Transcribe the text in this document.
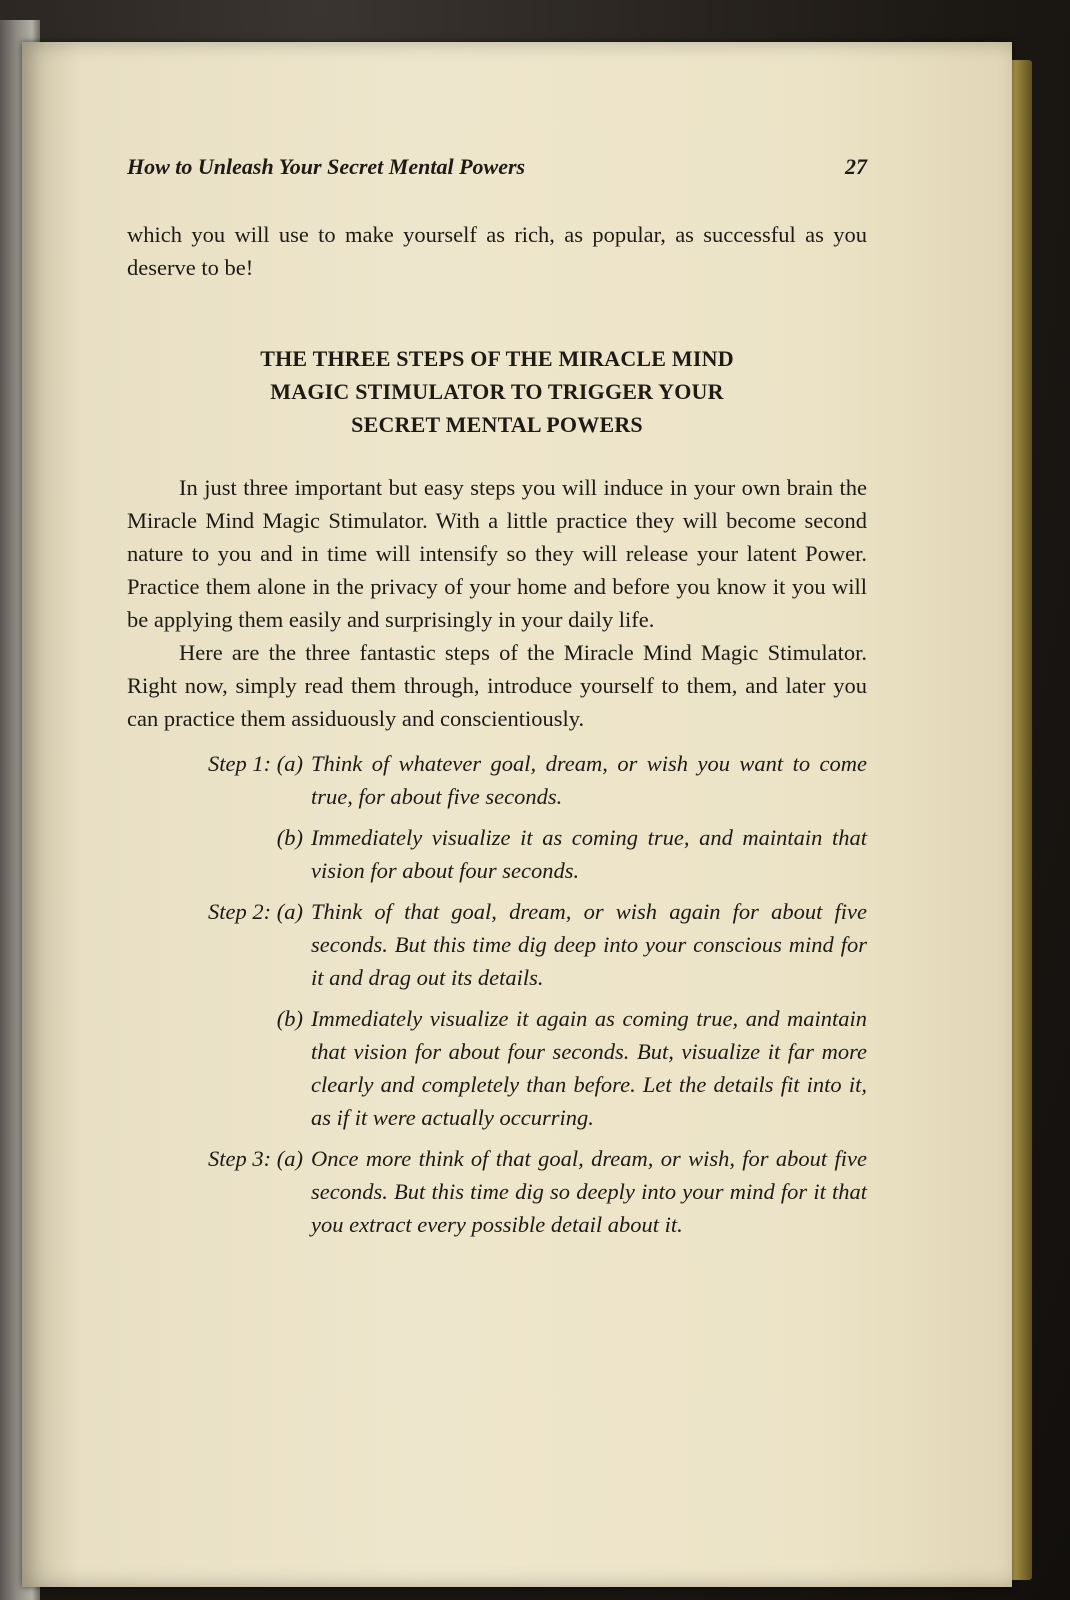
How to Unleash Your Secret Mental Powers	27

which you will use to make yourself as rich, as popular, as successful as you deserve to be!

THE THREE STEPS OF THE MIRACLE MIND
MAGIC STIMULATOR TO TRIGGER YOUR
SECRET MENTAL POWERS

In just three important but easy steps you will induce in your own brain the Miracle Mind Magic Stimulator. With a little practice they will become second nature to you and in time will intensify so they will release your latent Power. Practice them alone in the privacy of your home and before you know it you will be applying them easily and surprisingly in your daily life.

Here are the three fantastic steps of the Miracle Mind Magic Stimulator. Right now, simply read them through, introduce yourself to them, and later you can practice them assiduously and conscientiously.

Step 1: (a) Think of whatever goal, dream, or wish you want to come true, for about five seconds.
(b) Immediately visualize it as coming true, and maintain that vision for about four seconds.
Step 2: (a) Think of that goal, dream, or wish again for about five seconds. But this time dig deep into your conscious mind for it and drag out its details.
(b) Immediately visualize it again as coming true, and maintain that vision for about four seconds. But, visualize it far more clearly and completely than before. Let the details fit into it, as if it were actually occurring.
Step 3: (a) Once more think of that goal, dream, or wish, for about five seconds. But this time dig so deeply into your mind for it that you extract every possible detail about it.
